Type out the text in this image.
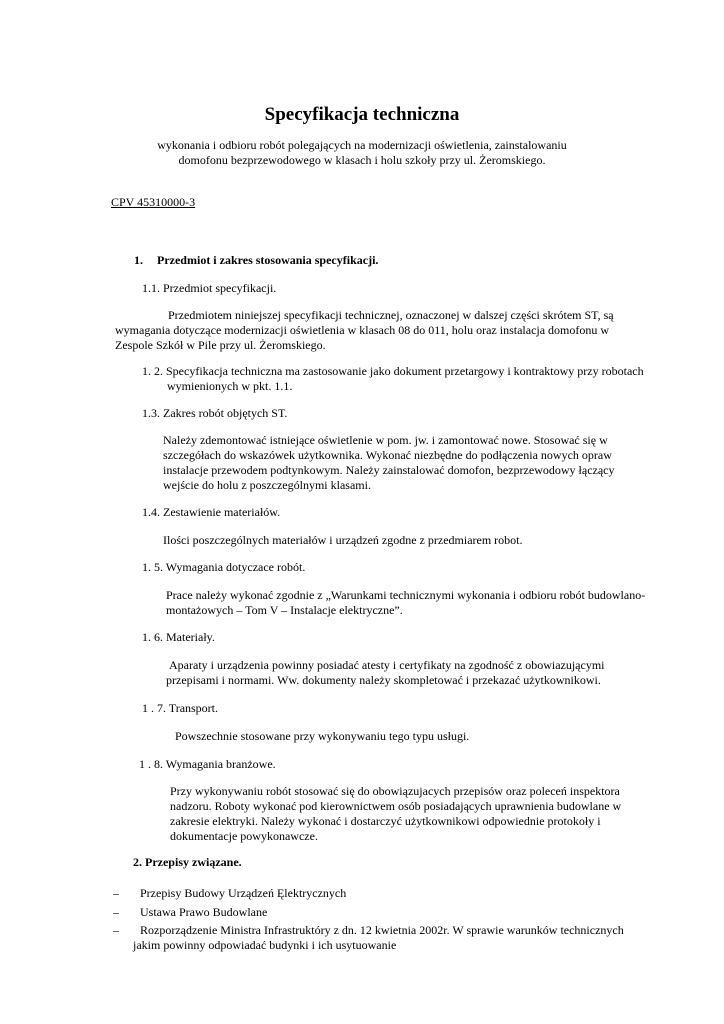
Specyfikacja techniczna
wykonania i odbioru robót polegających na modernizacji oświetlenia, zainstalowaniu
domofonu bezprzewodowego w klasach i holu szkoły przy ul. Żeromskiego.
CPV 45310000-3
1. Przedmiot i zakres stosowania specyfikacji.
1.1. Przedmiot specyfikacji.
Przedmiotem niniejszej specyfikacji technicznej, oznaczonej w dalszej części skrótem ST, są
wymagania dotyczące modernizacji oświetlenia w klasach 08 do 011, holu oraz instalacja domofonu w
Zespole Szkół w Pile przy ul. Żeromskiego.
1. 2. Specyfikacja techniczna ma zastosowanie jako dokument przetargowy i kontraktowy przy robotach
wymienionych w pkt. 1.1.
1.3. Zakres robót objętych ST.
Należy zdemontować istniejące oświetlenie w pom. jw. i zamontować nowe. Stosować się w
szczegółach do wskazówek użytkownika. Wykonać niezbędne do podłączenia nowych opraw
instalacje przewodem podtynkowym. Należy zainstalować domofon, bezprzewodowy łączący
wejście do holu z poszczególnymi klasami.
1.4. Zestawienie materiałów.
Ilości poszczególnych materiałów i urządzeń zgodne z przedmiarem robot.
1. 5. Wymagania dotyczace robót.
Prace należy wykonać zgodnie z „Warunkami technicznymi wykonania i odbioru robót budowlano-
montażowych – Tom V – Instalacje elektryczne”.
1. 6. Materiały.
Aparaty i urządzenia powinny posiadać atesty i certyfikaty na zgodność z obowiazującymi
przepisami i normami. Ww. dokumenty należy skompletować i przekazać użytkownikowi.
1 . 7. Transport.
Powszechnie stosowane przy wykonywaniu tego typu usługi.
1 . 8. Wymagania branżowe.
Przy wykonywaniu robót stosować się do obowiązujacych przepisów oraz poleceń inspektora
nadzoru. Roboty wykonać pod kierownictwem osób posiadających uprawnienia budowlane w
zakresie elektryki. Należy wykonać i dostarczyć użytkownikowi odpowiednie protokoły i
dokumentacje powykonawcze.
2. Przepisy związane.
– Przepisy Budowy Urządzeń Ęlektrycznych
– Ustawa Prawo Budowlane
– Rozporządzenie Ministra Infrastruktóry z dn. 12 kwietnia 2002r. W sprawie warunków technicznych
jakim powinny odpowiadać budynki i ich usytuowanie
